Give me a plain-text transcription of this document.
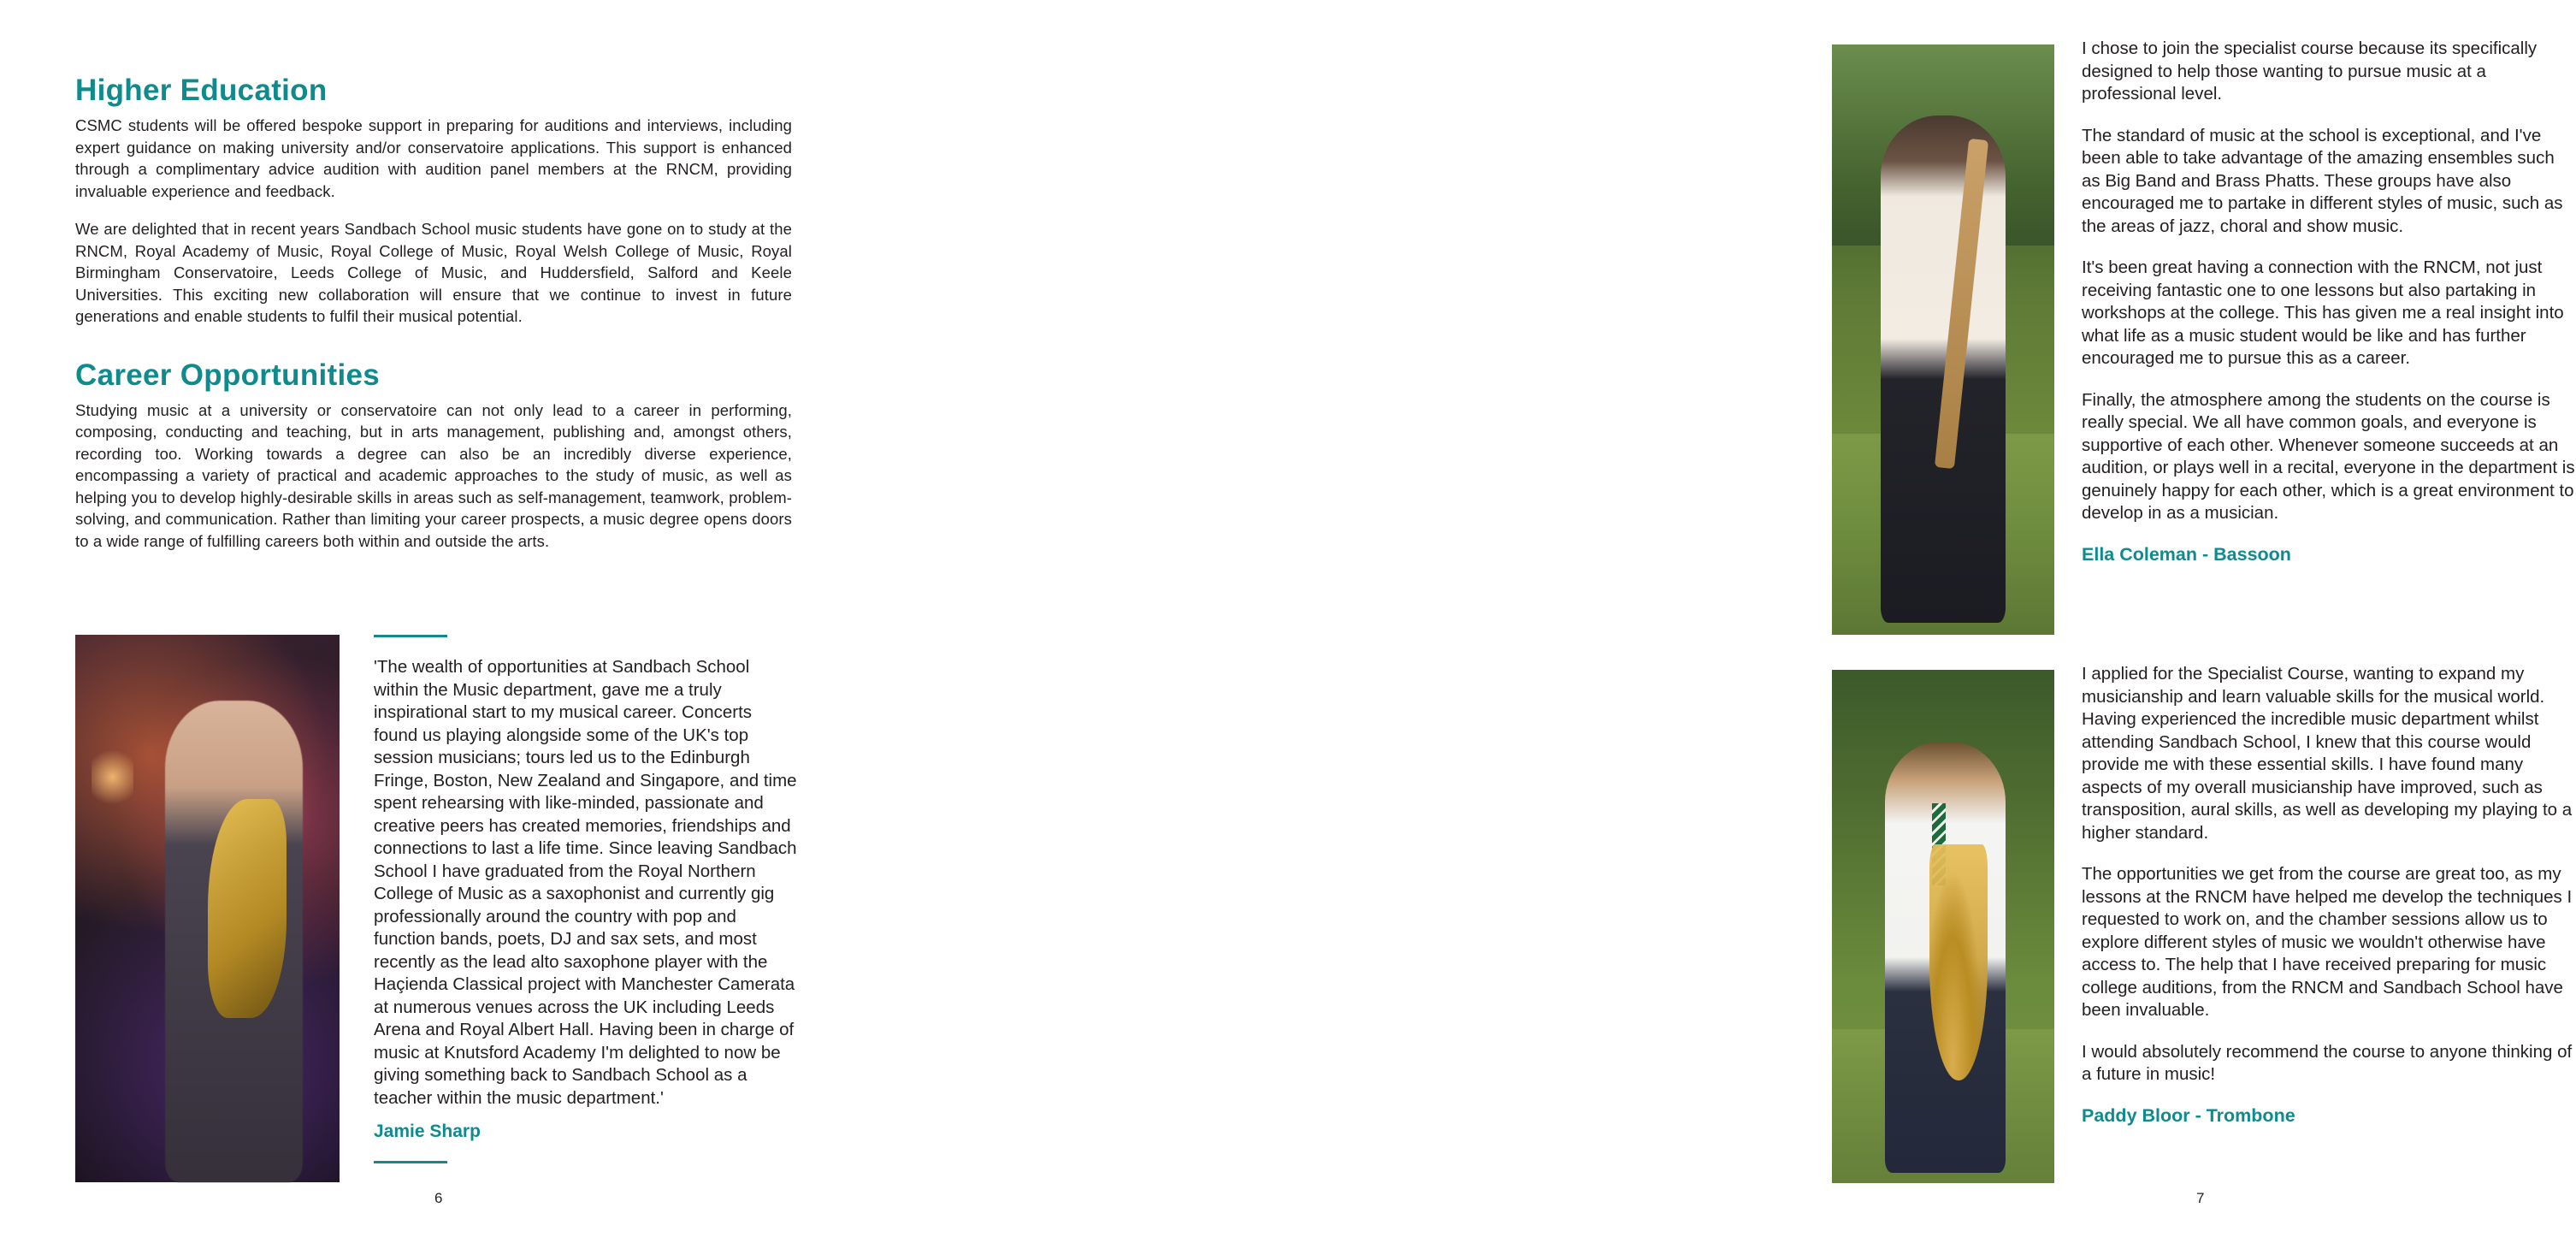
Higher Education

CSMC students will be offered bespoke support in preparing for auditions and interviews, including expert guidance on making university and/or conservatoire applications. This support is enhanced through a complimentary advice audition with audition panel members at the RNCM, providing invaluable experience and feedback.

We are delighted that in recent years Sandbach School music students have gone on to study at the RNCM, Royal Academy of Music, Royal College of Music, Royal Welsh College of Music, Royal Birmingham Conservatoire, Leeds College of Music, and Huddersfield, Salford and Keele Universities. This exciting new collaboration will ensure that we continue to invest in future generations and enable students to fulfil their musical potential.

Career Opportunities

Studying music at a university or conservatoire can not only lead to a career in performing, composing, conducting and teaching, but in arts management, publishing and, amongst others, recording too. Working towards a degree can also be an incredibly diverse experience, encompassing a variety of practical and academic approaches to the study of music, as well as helping you to develop highly-desirable skills in areas such as self-management, teamwork, problem-solving, and communication. Rather than limiting your career prospects, a music degree opens doors to a wide range of fulfilling careers both within and outside the arts.

'The wealth of opportunities at Sandbach School within the Music department, gave me a truly inspirational start to my musical career. Concerts found us playing alongside some of the UK's top session musicians; tours led us to the Edinburgh Fringe, Boston, New Zealand and Singapore, and time spent rehearsing with like-minded, passionate and creative peers has created memories, friendships and connections to last a life time. Since leaving Sandbach School I have graduated from the Royal Northern College of Music as a saxophonist and currently gig professionally around the country with pop and function bands, poets, DJ and sax sets, and most recently as the lead alto saxophone player with the Haçienda Classical project with Manchester Camerata at numerous venues across the UK including Leeds Arena and Royal Albert Hall. Having been in charge of music at Knutsford Academy I'm delighted to now be giving something back to Sandbach School as a teacher within the music department.'

Jamie Sharp
6

I chose to join the specialist course because its specifically designed to help those wanting to pursue music at a professional level.

The standard of music at the school is exceptional, and I've been able to take advantage of the amazing ensembles such as Big Band and Brass Phatts. These groups have also encouraged me to partake in different styles of music, such as the areas of jazz, choral and show music.

It's been great having a connection with the RNCM, not just receiving fantastic one to one lessons but also partaking in workshops at the college. This has given me a real insight into what life as a music student would be like and has further encouraged me to pursue this as a career.

Finally, the atmosphere among the students on the course is really special. We all have common goals, and everyone is supportive of each other. Whenever someone succeeds at an audition, or plays well in a recital, everyone in the department is genuinely happy for each other, which is a great environment to develop in as a musician.

Ella Coleman - Bassoon

I applied for the Specialist Course, wanting to expand my musicianship and learn valuable skills for the musical world. Having experienced the incredible music department whilst attending Sandbach School, I knew that this course would provide me with these essential skills. I have found many aspects of my overall musicianship have improved, such as transposition, aural skills, as well as developing my playing to a higher standard.

The opportunities we get from the course are great too, as my lessons at the RNCM have helped me develop the techniques I requested to work on, and the chamber sessions allow us to explore different styles of music we wouldn't otherwise have access to. The help that I have received preparing for music college auditions, from the RNCM and Sandbach School have been invaluable.

I would absolutely recommend the course to anyone thinking of a future in music!

Paddy Bloor - Trombone
7
